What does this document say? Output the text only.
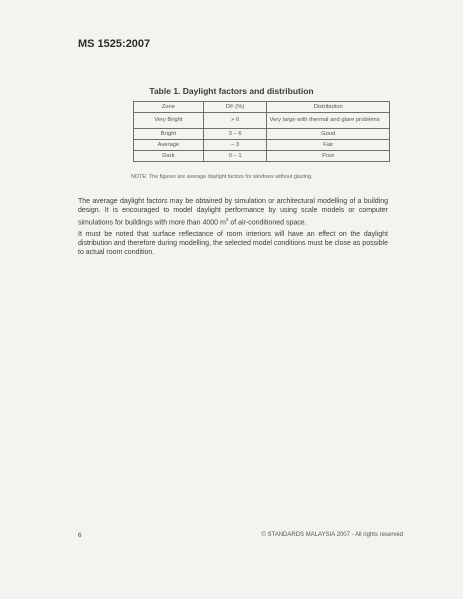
MS 1525:2007
Table 1. Daylight factors and distribution
Zone	DF (%)	Distribution
Very Bright	> 6	Very large with thermal and glare problems
Bright	3 – 6	Good
Average	– 3	Fair
Dark	0 – 1	Poor
NOTE: The figures are average daylight factors for windows without glazing.

The average daylight factors may be obtained by simulation or architectural modelling of a building design. It is encouraged to model daylight performance by using scale models or computer simulations for buildings with more than 4000 $m^2$ of air-conditioned space.

It must be noted that surface reflectance of room interiors will have an effect on the daylight distribution and therefore during modelling, the selected model conditions must be close as possible to actual room condition.

6	© STANDARDS MALAYSIA 2007 - All rights reserved
